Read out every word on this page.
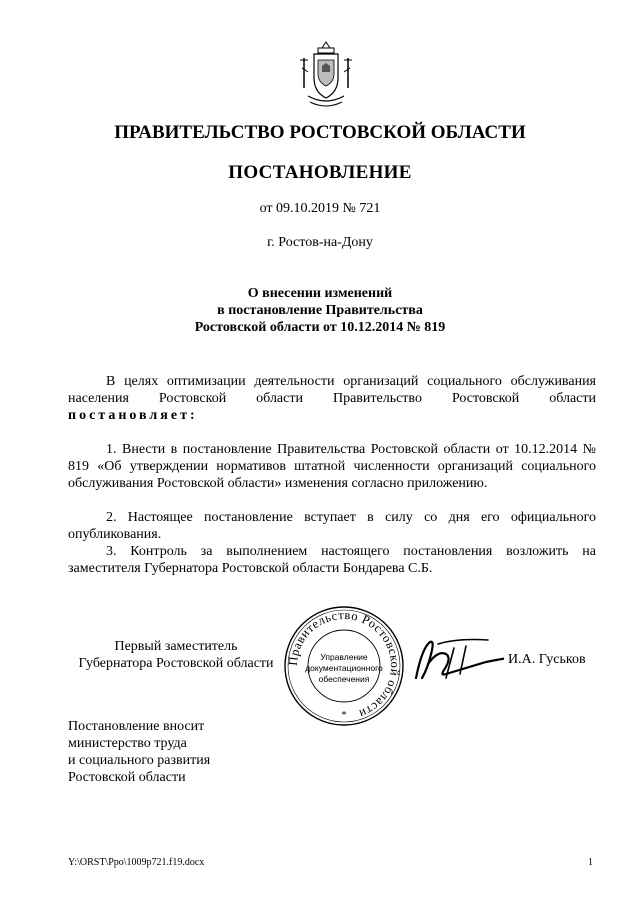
ПРАВИТЕЛЬСТВО РОСТОВСКОЙ ОБЛАСТИ
ПОСТАНОВЛЕНИЕ
от 09.10.2019 № 721
г. Ростов-на-Дону
О внесении изменений
в постановление Правительства
Ростовской области от 10.12.2014 № 819
В целях оптимизации деятельности организаций социального обслуживания населения Ростовской области Правительство Ростовской области постановляет:
1. Внести в постановление Правительства Ростовской области от 10.12.2014 № 819 «Об утверждении нормативов штатной численности организаций социального обслуживания Ростовской области» изменения согласно приложению.
2. Настоящее постановление вступает в силу со дня его официального опубликования.
3. Контроль за выполнением настоящего постановления возложить на заместителя Губернатора Ростовской области Бондарева С.Б.
Первый заместитель
Губернатора Ростовской области Правительство Ростовской области
Управление
документационного
обеспечения
*
И.А. Гуськов
Постановление вносит
министерство труда
и социального развития
Ростовской области
Y:\ORST\Ppo\1009p721.f19.docx	1
